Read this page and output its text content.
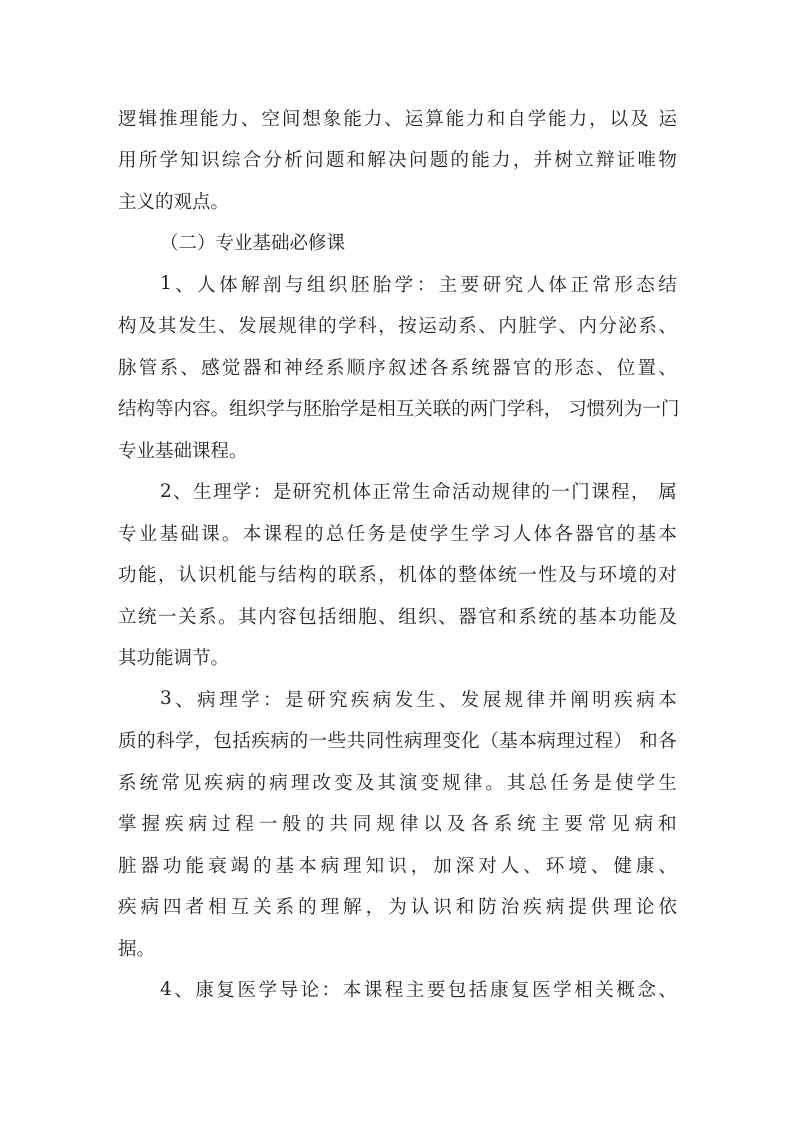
逻 辑 推 理 能 力 、 空 间 想 象 能 力 、 运 算 能 力 和 自 学 能 力 ， 以 及
运
用 所 学 知 识 综 合 分 析 问 题 和 解 决 问 题 的 能 力 ， 并 树 立 辩 证 唯 物
主义的观点。
（二）专业基础必修课
1 、 人 体 解 剖 与 组 织 胚 胎 学 ： 主 要 研 究 人 体 正 常 形 态 结
构 及 其 发 生 、 发 展 规 律 的 学 科 ， 按 运 动 系 、 内 脏 学 、 内 分 泌 系 、
脉 管 系 、 感 觉 器 和 神 经 系 顺 序 叙 述 各 系 统 器 官 的 形 态 、 位 置 、
结 构 等 内 容 。 组 织 学 与 胚 胎 学 是 相 互 关 联 的 两 门 学 科 ，
习 惯 列 为 一 门
专业基础课程。
2 、 生 理 学 ： 是 研 究 机 体 正 常 生 命 活 动 规 律 的 一 门 课 程 ，
属
专 业 基 础 课 。 本 课 程 的 总 任 务 是 使 学 生 学 习 人 体 各 器 官 的 基 本
功 能 ， 认 识 机 能 与 结 构 的 联 系 ， 机 体 的 整 体 统 一 性 及 与 环 境 的 对
立 统 一 关 系 。 其 内 容 包 括 细 胞 、 组 织 、 器 官 和 系 统 的 基 本 功 能 及
其功能调节。
3 、 病 理 学 ： 是 研 究 疾 病 发 生 、 发 展 规 律 并 阐 明 疾 病 本
质 的 科 学 ， 包 括 疾 病 的 一 些 共 同 性 病 理 变 化 （ 基 本 病 理 过 程 ）
和 各
系 统 常 见 疾 病 的 病 理 改 变 及 其 演 变 规 律 。 其 总 任 务 是 使 学 生
掌 握 疾 病 过 程 一 般 的 共 同 规 律 以 及 各 系 统 主 要 常 见 病 和
脏 器 功 能 衰 竭 的 基 本 病 理 知 识 ， 加 深 对 人 、 环 境 、 健 康 、
疾 病 四 者 相 互 关 系 的 理 解 ， 为 认 识 和 防 治 疾 病 提 供 理 论 依
据。
4 、 康 复 医 学 导 论 ： 本 课 程 主 要 包 括 康 复 医 学 相 关 概 念 、
